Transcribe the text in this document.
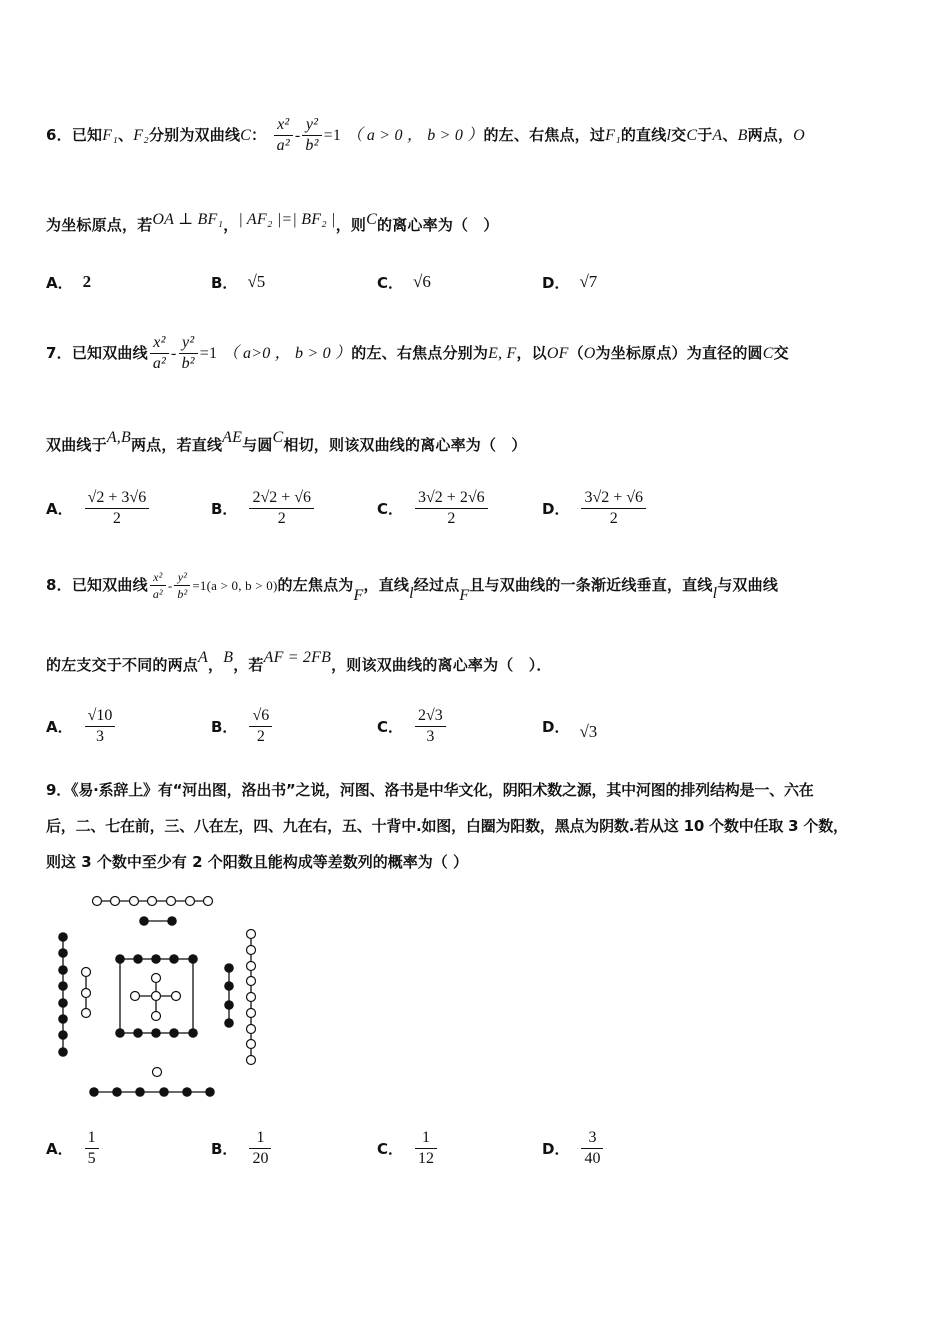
6．已知F₁、F₂分别为双曲线C： $\frac{\text{x²}}{\text{a²}} - \frac{\text{y²}}{\text{b²}} =1$ （ a > 0 ， b > 0 ）的左、右焦点，过F₁的直线l交C于A、B两点，O
为坐标原点，若OA ⊥ BF₁，| AF₂ |=| BF₂ |，则C的离心率为（　）
A． 2	B． √5	C． √6	D． √7
7．已知双曲线 $\frac{\text{x²}}{\text{a²}} - \frac{\text{y²}}{\text{b²}} =1$ （ a>0 ， b > 0 ）的左、右焦点分别为E, F，以OF（O为坐标原点）为直径的圆C交
双曲线于A,B两点，若直线AE与圆C相切，则该双曲线的离心率为（　）
A． $\frac{√2 + 3√6}{2}$	B． $\frac{2√2 + √6}{2}$	C． $\frac{3√2 + 2√6}{2}$	D． $\frac{3√2 + √6}{2}$
8．已知双曲线 $\frac{\text{x²}}{\text{a²}} - \frac{\text{y²}}{\text{b²}} =1(a > 0$, b > 0)的左焦点为F，直线l经过点F且与双曲线的一条渐近线垂直，直线l与双曲线
的左支交于不同的两点A，B，若AF = 2FB，则该双曲线的离心率为（　）．
A． $\frac{√10}{3}$	B． $\frac{√6}{2}$	C． $\frac{2√3}{3}$	D． √3
9．《易·系辞上》有“河出图，洛出书”之说，河图、洛书是中华文化，阴阳术数之源，其中河图的排列结构是一、六在
后，二、七在前，三、八在左，四、九在右，五、十背中.如图，白圈为阳数，黑点为阴数.若从这 10 个数中任取 3 个数，
则这 3 个数中至少有 2 个阳数且能构成等差数列的概率为（ ）
A． $\frac{1}{5}$	B． $\frac{1}{20}$	C． $\frac{1}{12}$	D． $\frac{3}{40}$
